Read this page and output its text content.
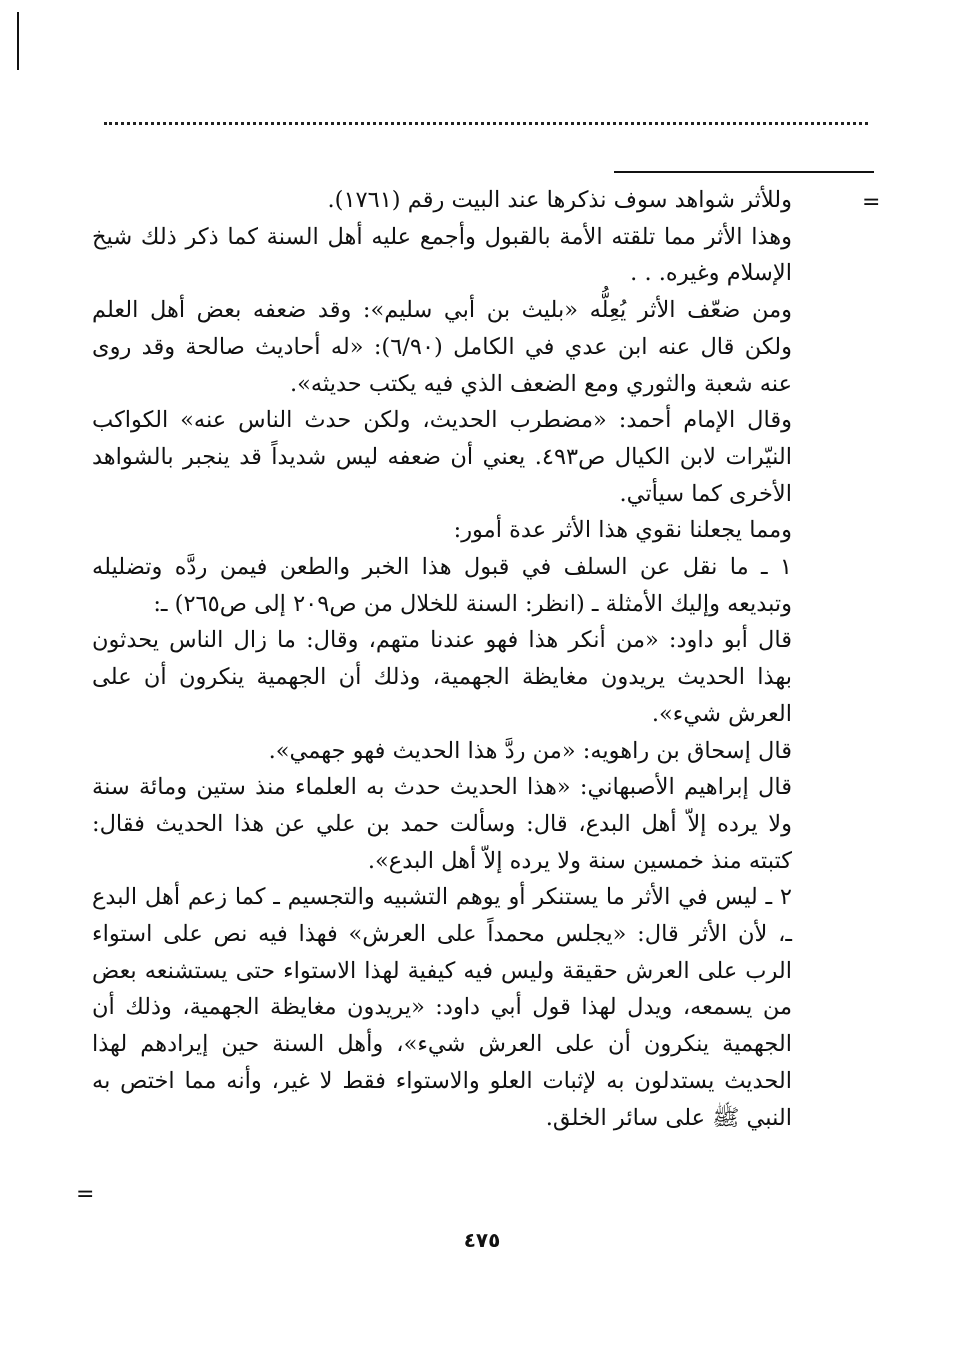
=

وللأثر شواهد سوف نذكرها عند البيت رقم (١٧٦١).

وهذا الأثر مما تلقته الأمة بالقبول وأجمع عليه أهل السنة كما ذكر ذلك شيخ الإسلام وغيره. . .

ومن ضعّف الأثر يُعِلُّه «بليث بن أبي سليم»: وقد ضعفه بعض أهل العلم ولكن قال عنه ابن عدي في الكامل (٦/٩٠): «له أحاديث صالحة وقد روى عنه شعبة والثوري ومع الضعف الذي فيه يكتب حديثه».

وقال الإمام أحمد: «مضطرب الحديث، ولكن حدث الناس عنه» الكواكب النيّرات لابن الكيال ص٤٩٣. يعني أن ضعفه ليس شديداً قد ينجبر بالشواهد الأخرى كما سيأتي.

ومما يجعلنا نقوي هذا الأثر عدة أمور:

١ ـ ما نقل عن السلف في قبول هذا الخبر والطعن فيمن ردَّه وتضليله وتبديعه وإليك الأمثلة ـ (انظر: السنة للخلال من ص٢٠٩ إلى ص٢٦٥) ـ:

قال أبو داود: «من أنكر هذا فهو عندنا متهم، وقال: ما زال الناس يحدثون بهذا الحديث يريدون مغايظة الجهمية، وذلك أن الجهمية ينكرون أن على العرش شيء».

قال إسحاق بن راهويه: «من ردَّ هذا الحديث فهو جهمي».

قال إبراهيم الأصبهاني: «هذا الحديث حدث به العلماء منذ ستين ومائة سنة ولا يرده إلاّ أهل البدع، قال: وسألت حمد بن علي عن هذا الحديث فقال: كتبته منذ خمسين سنة ولا يرده إلاّ أهل البدع».

٢ ـ ليس في الأثر ما يستنكر أو يوهم التشبيه والتجسيم ـ كما زعم أهل البدع ـ، لأن الأثر قال: «يجلس محمداً على العرش» فهذا فيه نص على استواء الرب على العرش حقيقة وليس فيه كيفية لهذا الاستواء حتى يستشنعه بعض من يسمعه، ويدل لهذا قول أبي داود: «يريدون مغايظة الجهمية، وذلك أن الجهمية ينكرون أن على العرش شيء»، وأهل السنة حين إيرادهم لهذا الحديث يستدلون به لإثبات العلو والاستواء فقط لا غير، وأنه مما اختص به النبي ﷺ على سائر الخلق.

=
٤٧٥
